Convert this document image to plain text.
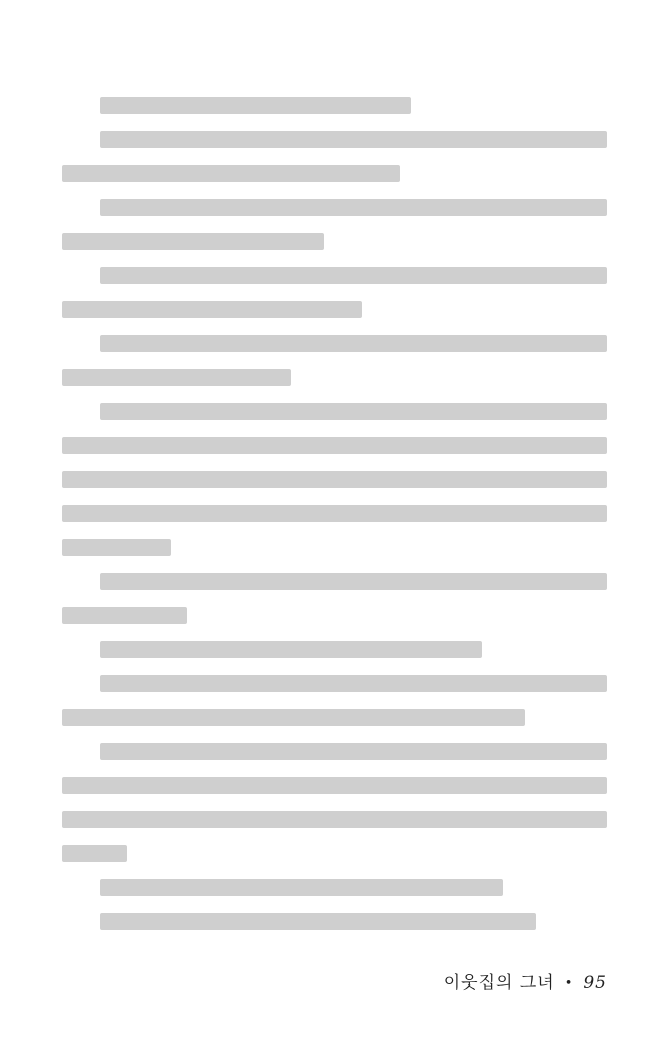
이웃집의 그녀 • 95
